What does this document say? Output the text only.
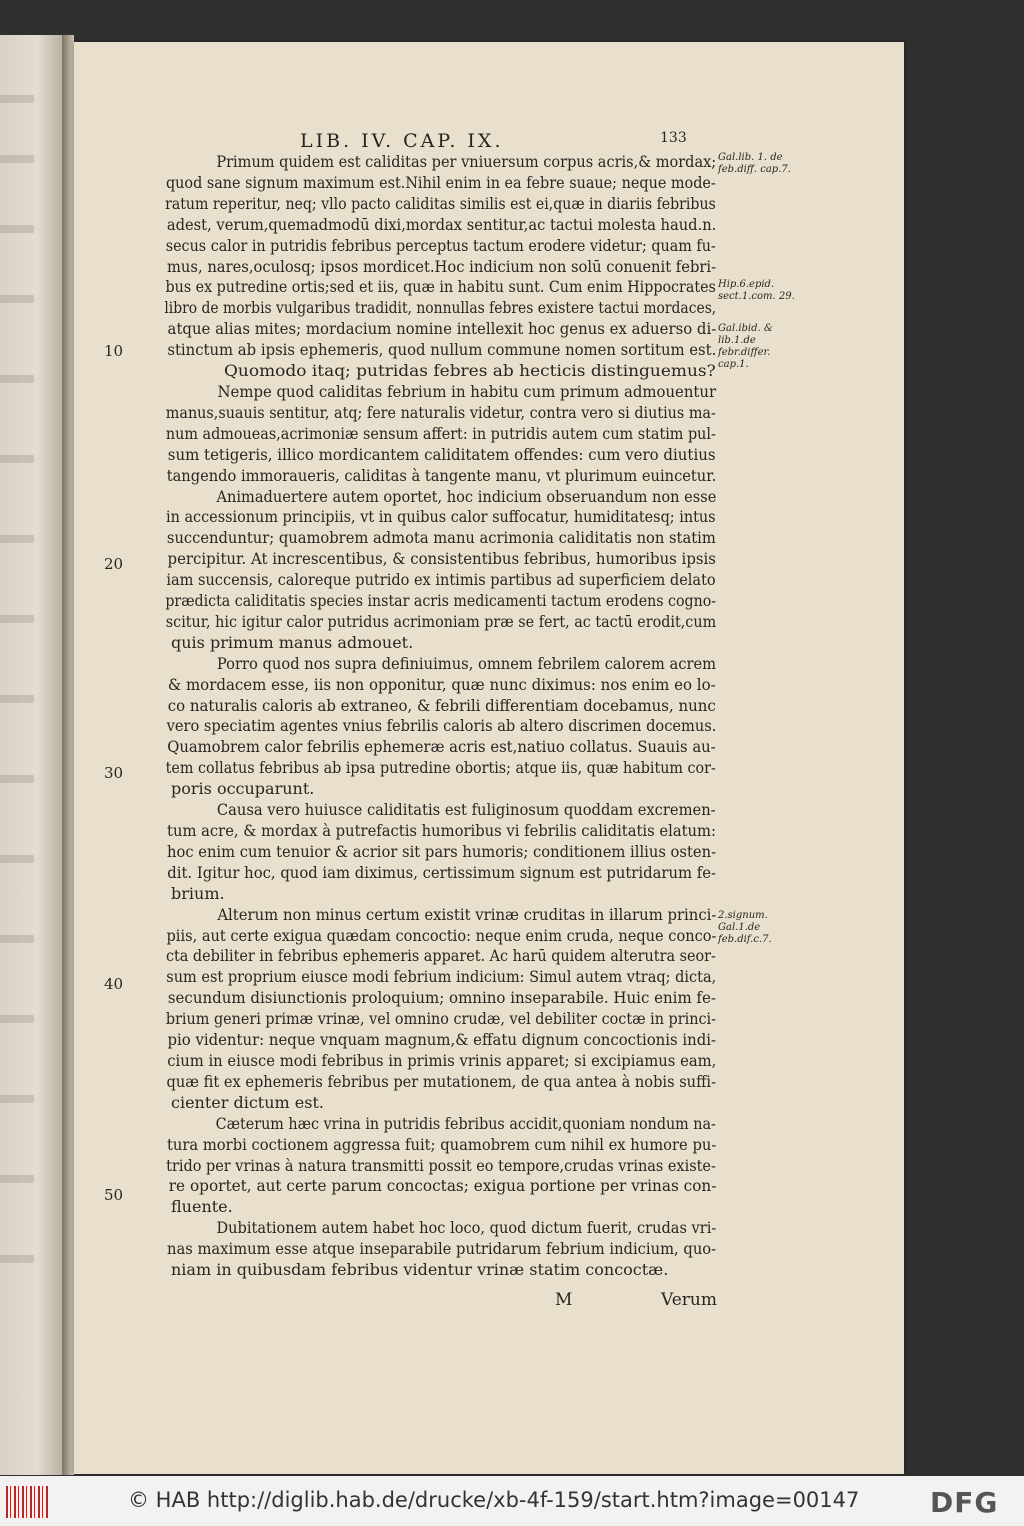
LIB. IV. CAP. IX.	133
10
20
30
40
50
Gal.lib. 1. de feb.diff. cap.7.
Hip.6.epid. sect.1.com. 29.
Gal.ibid. & lib.1.de febr.differ. cap.1.
2.signum. Gal.1.de feb.dif.c.7.

Primum quidem est caliditas per vniuersum corpus acris,& mordax;quod sane signum maximum est.Nihil enim in ea febre suaue; neque mode-ratum reperitur, neq; vllo pacto caliditas similis est ei,quæ in diariis febribusadest, verum,quemadmodū dixi,mordax sentitur,ac tactui molesta haud.n.secus calor in putridis febribus perceptus tactum erodere videtur; quam fu-mus, nares,oculosq; ipsos mordicet.Hoc indicium non solū conuenit febri-bus ex putredine ortis;sed et iis, quæ in habitu sunt. Cum enim Hippocrateslibro de morbis vulgaribus tradidit, nonnullas febres existere tactui mordaces,atque alias mites; mordacium nomine intellexit hoc genus ex aduerso di-stinctum ab ipsis ephemeris, quod nullum commune nomen sortitum est.

Quomodo itaq; putridas febres ab hecticis distinguemus?

Nempe quod caliditas febrium in habitu cum primum admouenturmanus,suauis sentitur, atq; fere naturalis videtur, contra vero si diutius ma-num admoueas,acrimoniæ sensum affert: in putridis autem cum statim pul-sum tetigeris, illico mordicantem caliditatem offendes: cum vero diutiustangendo immoraueris, caliditas à tangente manu, vt plurimum euincetur.

Animaduertere autem oportet, hoc indicium obseruandum non essein accessionum principiis, vt in quibus calor suffocatur, humiditatesq; intussuccenduntur; quamobrem admota manu acrimonia caliditatis non statimpercipitur. At increscentibus, & consistentibus febribus, humoribus ipsisiam succensis, caloreque putrido ex intimis partibus ad superficiem delatoprædicta caliditatis species instar acris medicamenti tactum erodens cogno-scitur, hic igitur calor putridus acrimoniam præ se fert, ac tactū erodit,cum
quis primum manus admouet.

Porro quod nos supra definiuimus, omnem febrilem calorem acrem& mordacem esse, iis non opponitur, quæ nunc diximus: nos enim eo lo-co naturalis caloris ab extraneo, & febrili differentiam docebamus, nuncvero speciatim agentes vnius febrilis caloris ab altero discrimen docemus.Quamobrem calor febrilis ephemeræ acris est,natiuo collatus. Suauis au-tem collatus febribus ab ipsa putredine obortis; atque iis, quæ habitum cor-
poris occuparunt.

Causa vero huiusce caliditatis est fuliginosum quoddam excremen-tum acre, & mordax à putrefactis humoribus vi febrilis caliditatis elatum:hoc enim cum tenuior & acrior sit pars humoris; conditionem illius osten-dit. Igitur hoc, quod iam diximus, certissimum signum est putridarum fe-
brium.

Alterum non minus certum existit vrinæ cruditas in illarum princi-piis, aut certe exigua quædam concoctio: neque enim cruda, neque conco-cta debiliter in febribus ephemeris apparet. Ac harū quidem alterutra seor-sum est proprium eiusce modi febrium indicium: Simul autem vtraq; dicta,secundum disiunctionis proloquium; omnino inseparabile. Huic enim fe-brium generi primæ vrinæ, vel omnino crudæ, vel debiliter coctæ in princi-pio videntur: neque vnquam magnum,& effatu dignum concoctionis indi-cium in eiusce modi febribus in primis vrinis apparet; si excipiamus eam,quæ fit ex ephemeris febribus per mutationem, de qua antea à nobis suffi-
cienter dictum est.

Cæterum hæc vrina in putridis febribus accidit,quoniam nondum na-tura morbi coctionem aggressa fuit; quamobrem cum nihil ex humore pu-trido per vrinas à natura transmitti possit eo tempore,crudas vrinas existe-re oportet, aut certe parum concoctas; exigua portione per vrinas con-
fluente.

Dubitationem autem habet hoc loco, quod dictum fuerit, crudas vri-nas maximum esse atque inseparabile putridarum febrium indicium, quo-
niam in quibusdam febribus videntur vrinæ statim concoctæ.

M	Verum
© HAB http://diglib.hab.de/drucke/xb-4f-159/start.htm?image=00147	DFG
